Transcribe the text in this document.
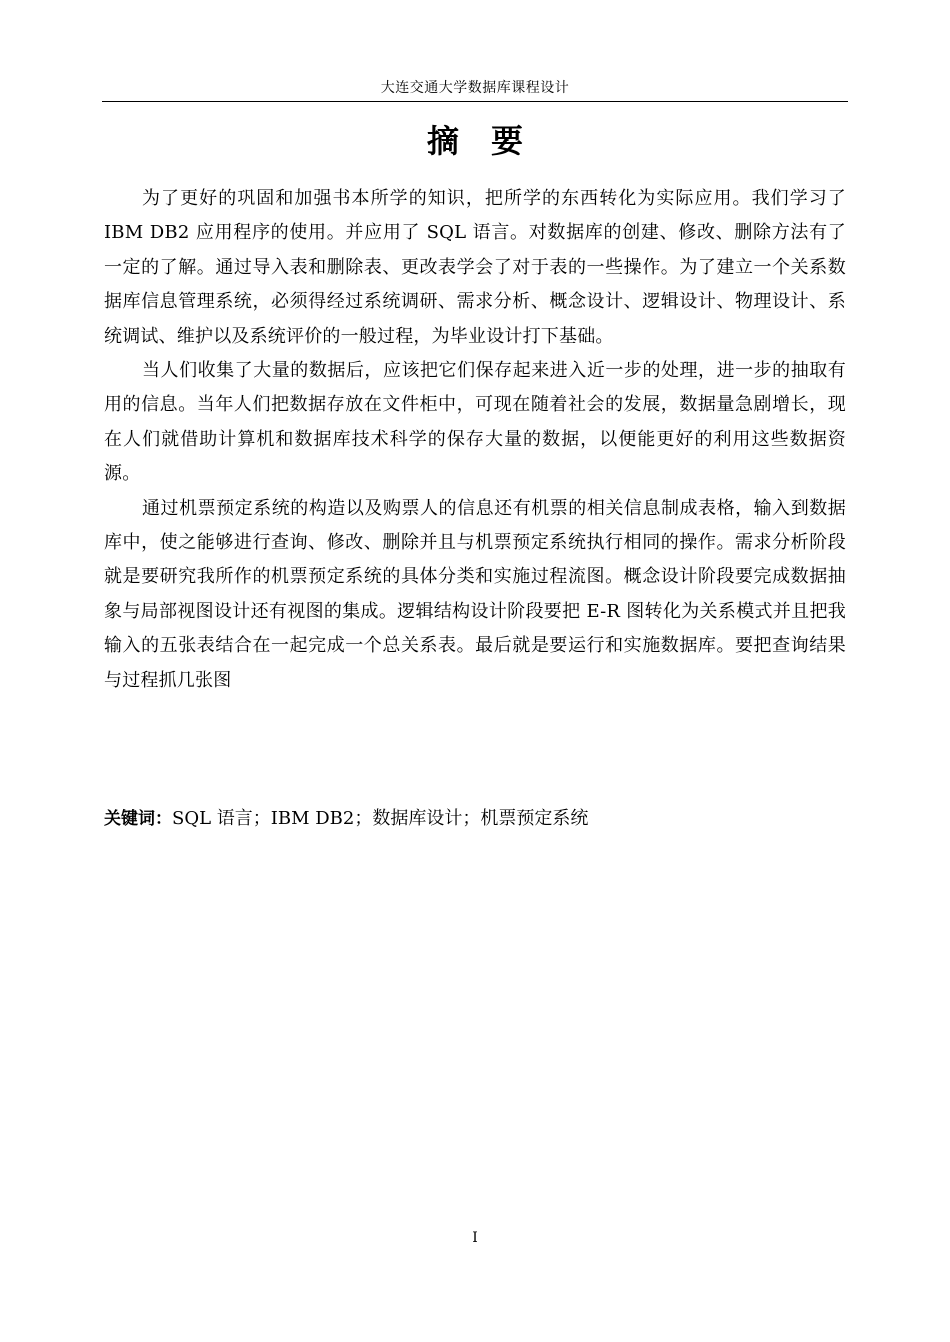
大连交通大学数据库课程设计
摘要

为了更好的巩固和加强书本所学的知识，把所学的东西转化为实际应用。我们学习了 IBM DB2 应用程序的使用。并应用了 SQL 语言。对数据库的创建、修改、删除方法有了一定的了解。通过导入表和删除表、更改表学会了对于表的一些操作。为了建立一个关系数据库信息管理系统，必须得经过系统调研、需求分析、概念设计、逻辑设计、物理设计、系统调试、维护以及系统评价的一般过程，为毕业设计打下基础。

当人们收集了大量的数据后，应该把它们保存起来进入近一步的处理，进一步的抽取有用的信息。当年人们把数据存放在文件柜中，可现在随着社会的发展，数据量急剧增长，现在人们就借助计算机和数据库技术科学的保存大量的数据，以便能更好的利用这些数据资源。

通过机票预定系统的构造以及购票人的信息还有机票的相关信息制成表格，输入到数据库中，使之能够进行查询、修改、删除并且与机票预定系统执行相同的操作。需求分析阶段就是要研究我所作的机票预定系统的具体分类和实施过程流图。概念设计阶段要完成数据抽象与局部视图设计还有视图的集成。逻辑结构设计阶段要把 E-R 图转化为关系模式并且把我输入的五张表结合在一起完成一个总关系表。最后就是要运行和实施数据库。要把查询结果与过程抓几张图

关键词：SQL 语言；IBM DB2；数据库设计；机票预定系统
I
